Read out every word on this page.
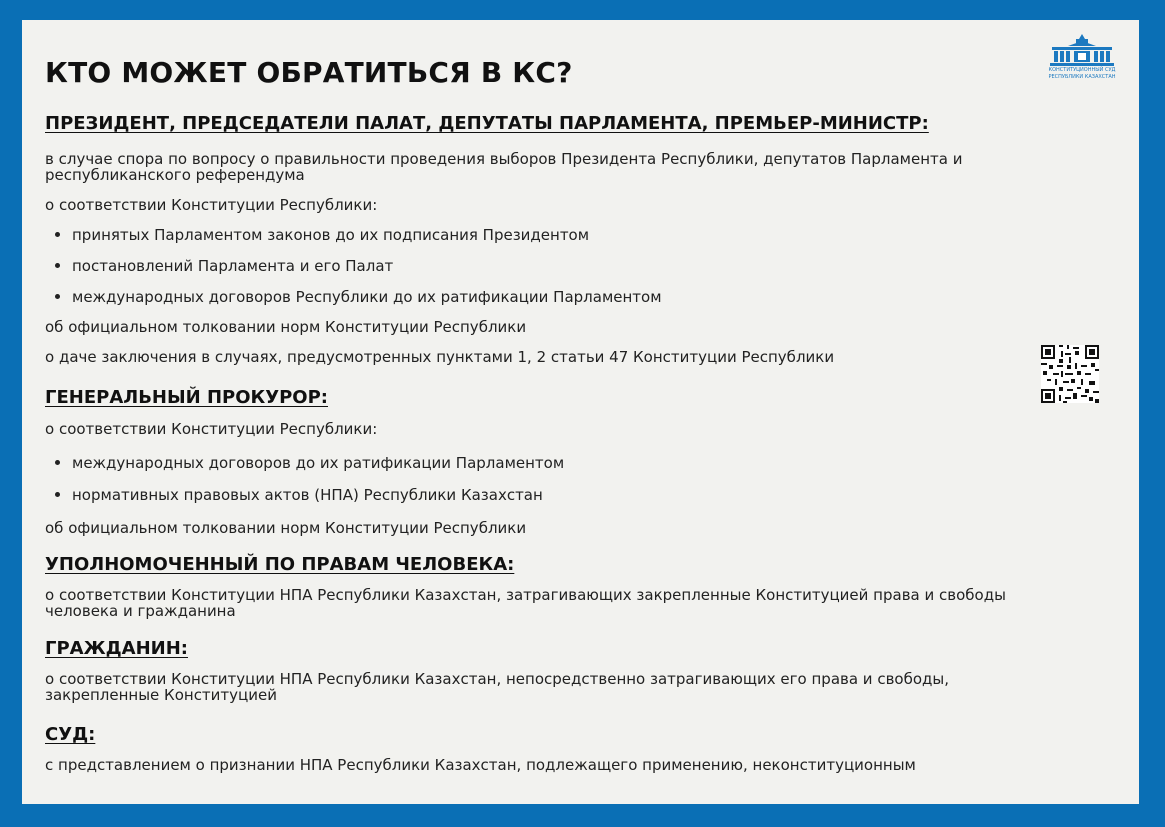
КТО МОЖЕТ ОБРАТИТЬСЯ В КС?	КОНСТИТУЦИОННЫЙ СУД
РЕСПУБЛИКИ КАЗАХСТАН
ПРЕЗИДЕНТ, ПРЕДСЕДАТЕЛИ ПАЛАТ, ДЕПУТАТЫ ПАРЛАМЕНТА, ПРЕМЬЕР-МИНИСТР:

в случае спора по вопросу о правильности проведения выборов Президента Республики, депутатов Парламента и республиканского референдума

о соответствии Конституции Республики:

принятых Парламентом законов до их подписания Президентом

постановлений Парламента и его Палат

международных договоров Республики до их ратификации Парламентом

об официальном толковании норм Конституции Республики

о даче заключения в случаях, предусмотренных пунктами 1, 2 статьи 47 Конституции Республики

ГЕНЕРАЛЬНЫЙ ПРОКУРОР:

о соответствии Конституции Республики:

международных договоров до их ратификации Парламентом

нормативных правовых актов (НПА) Республики Казахстан

об официальном толковании норм Конституции Республики

УПОЛНОМОЧЕННЫЙ ПО ПРАВАМ ЧЕЛОВЕКА:

о соответствии Конституции НПА Республики Казахстан, затрагивающих закрепленные Конституцией права и свободы человека и гражданина

ГРАЖДАНИН:

о соответствии Конституции НПА Республики Казахстан, непосредственно затрагивающих его права и свободы, закрепленные Конституцией

СУД:

с представлением о признании НПА Республики Казахстан, подлежащего применению, неконституционным
